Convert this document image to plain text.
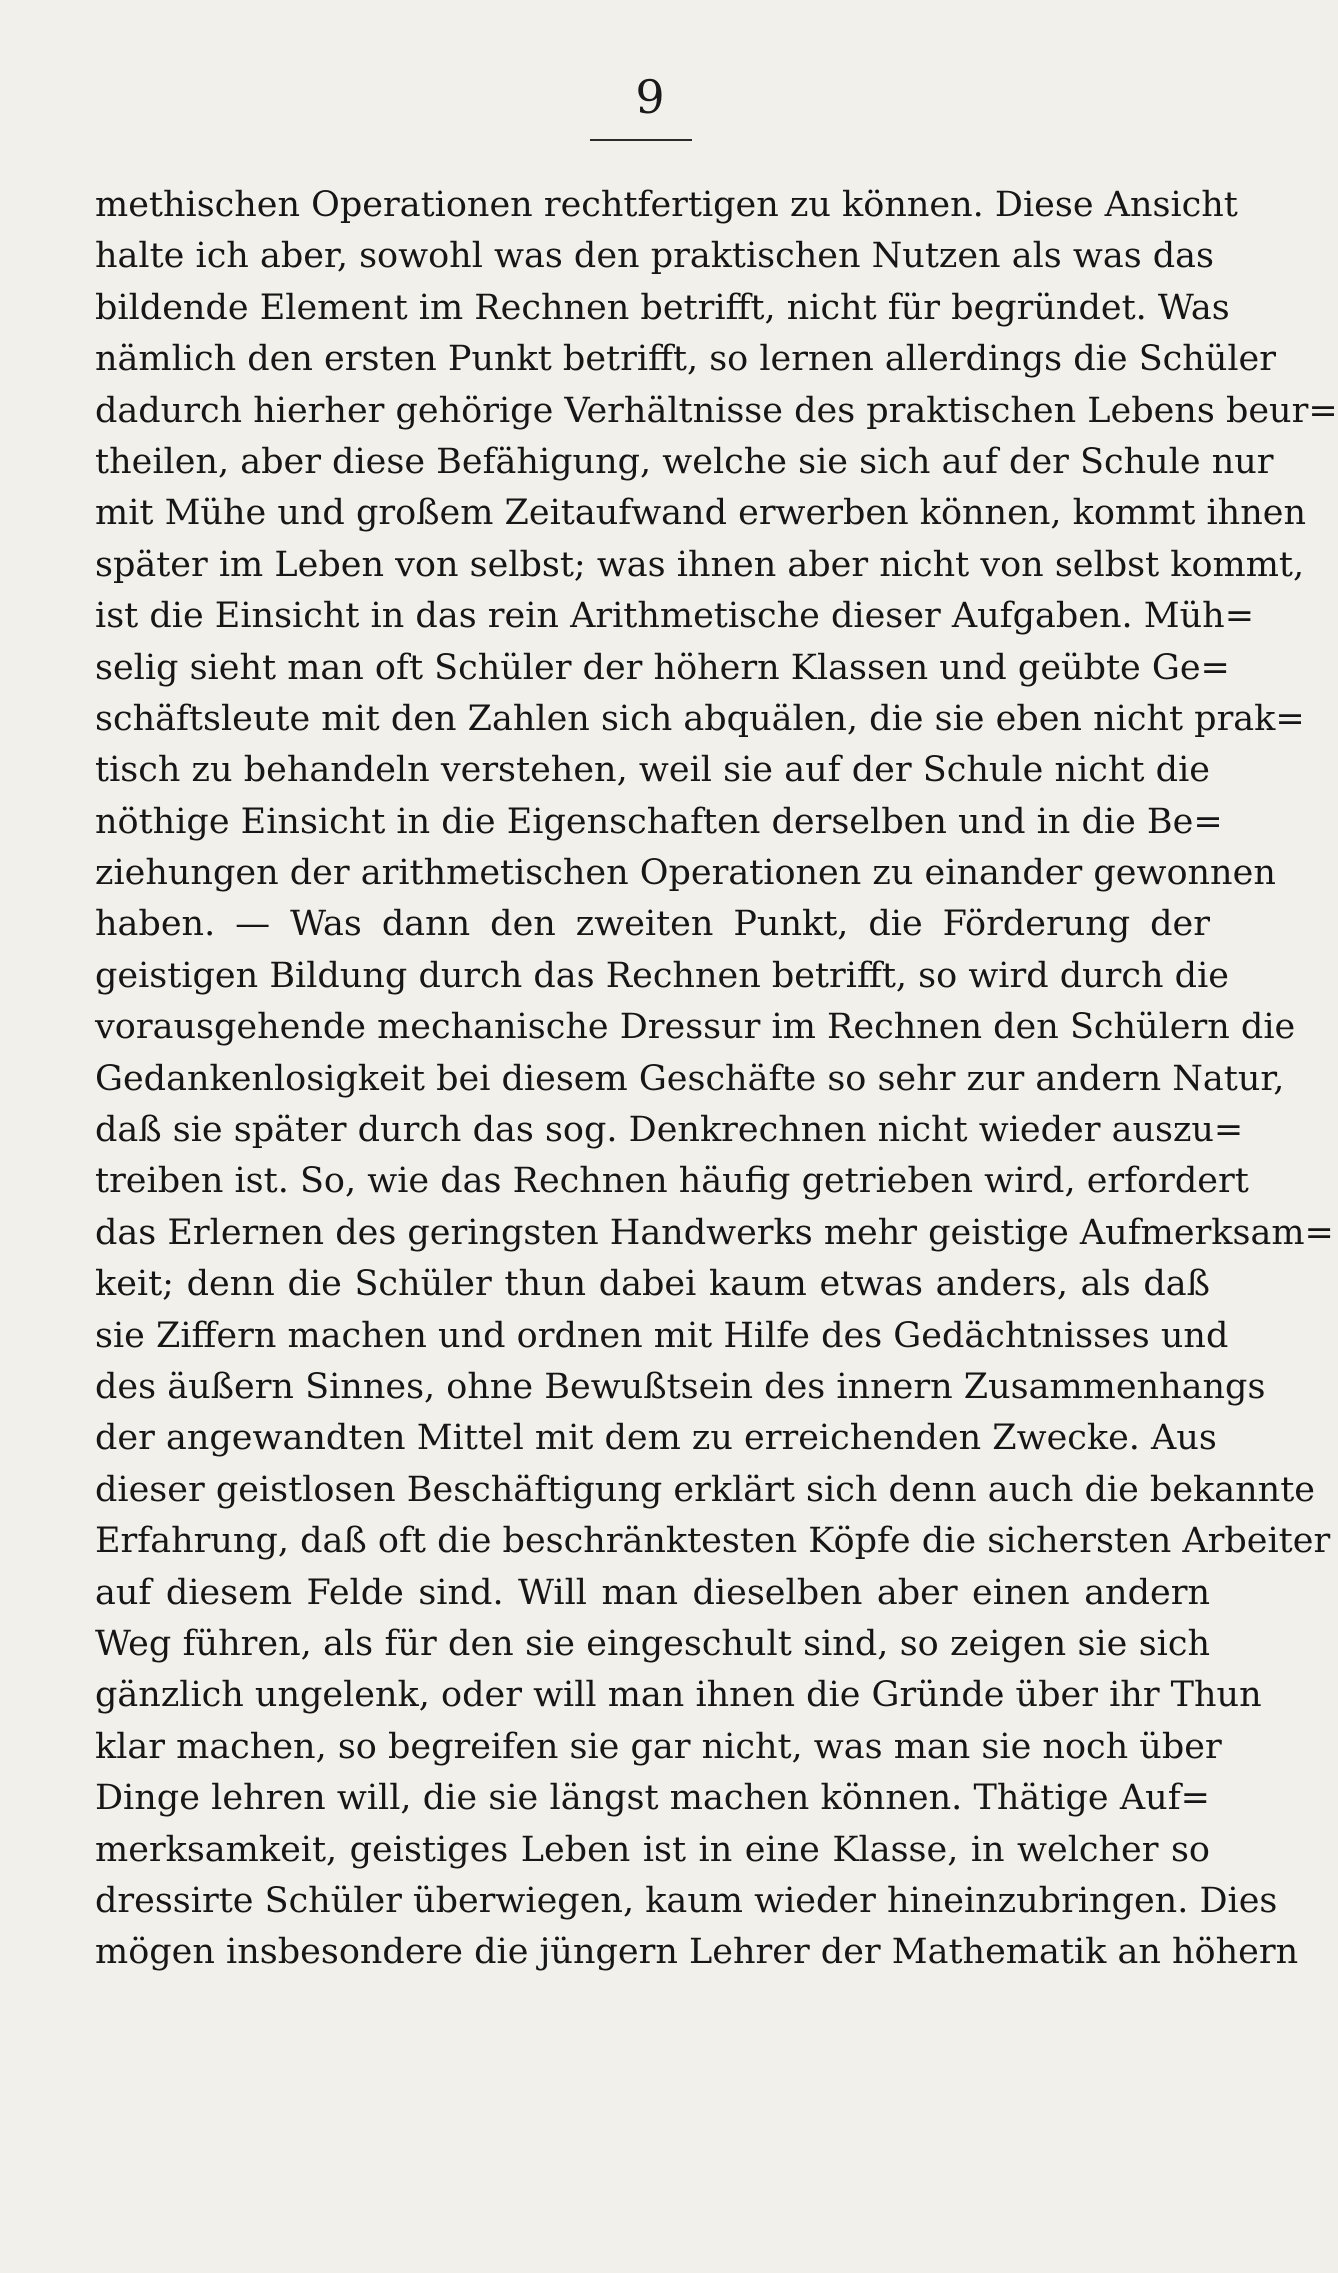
9
methischen Operationen rechtfertigen zu können. Diese Ansicht
halte ich aber, sowohl was den praktischen Nutzen als was das
bildende Element im Rechnen betrifft, nicht für begründet. Was
nämlich den ersten Punkt betrifft, so lernen allerdings die Schüler
dadurch hierher gehörige Verhältnisse des praktischen Lebens beur=
theilen, aber diese Befähigung, welche sie sich auf der Schule nur
mit Mühe und großem Zeitaufwand erwerben können, kommt ihnen
später im Leben von selbst; was ihnen aber nicht von selbst kommt,
ist die Einsicht in das rein Arithmetische dieser Aufgaben. Müh=
selig sieht man oft Schüler der höhern Klassen und geübte Ge=
schäftsleute mit den Zahlen sich abquälen, die sie eben nicht prak=
tisch zu behandeln verstehen, weil sie auf der Schule nicht die
nöthige Einsicht in die Eigenschaften derselben und in die Be=
ziehungen der arithmetischen Operationen zu einander gewonnen
haben. — Was dann den zweiten Punkt, die Förderung der
geistigen Bildung durch das Rechnen betrifft, so wird durch die
vorausgehende mechanische Dressur im Rechnen den Schülern die
Gedankenlosigkeit bei diesem Geschäfte so sehr zur andern Natur,
daß sie später durch das sog. Denkrechnen nicht wieder auszu=
treiben ist. So, wie das Rechnen häufig getrieben wird, erfordert
das Erlernen des geringsten Handwerks mehr geistige Aufmerksam=
keit; denn die Schüler thun dabei kaum etwas anders, als daß
sie Ziffern machen und ordnen mit Hilfe des Gedächtnisses und
des äußern Sinnes, ohne Bewußtsein des innern Zusammenhangs
der angewandten Mittel mit dem zu erreichenden Zwecke. Aus
dieser geistlosen Beschäftigung erklärt sich denn auch die bekannte
Erfahrung, daß oft die beschränktesten Köpfe die sichersten Arbeiter
auf diesem Felde sind. Will man dieselben aber einen andern
Weg führen, als für den sie eingeschult sind, so zeigen sie sich
gänzlich ungelenk, oder will man ihnen die Gründe über ihr Thun
klar machen, so begreifen sie gar nicht, was man sie noch über
Dinge lehren will, die sie längst machen können. Thätige Auf=
merksamkeit, geistiges Leben ist in eine Klasse, in welcher so
dressirte Schüler überwiegen, kaum wieder hineinzubringen. Dies
mögen insbesondere die jüngern Lehrer der Mathematik an höhern
